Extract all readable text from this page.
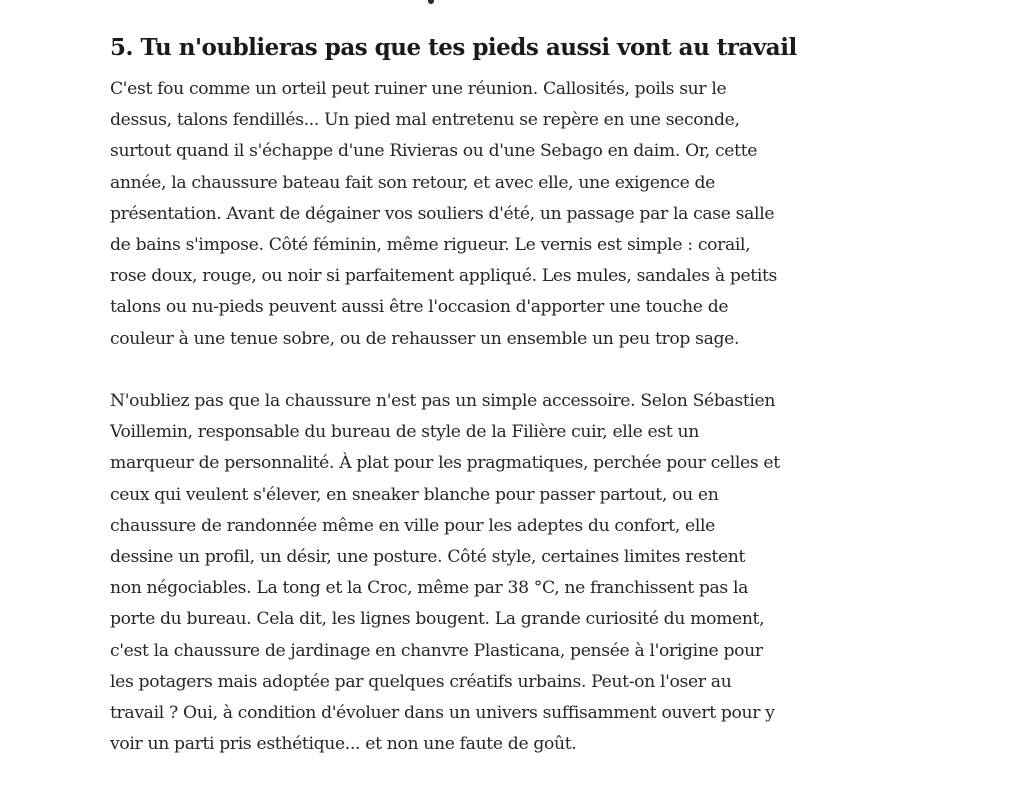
5. Tu n'oublieras pas que tes pieds aussi vont au travail

C'est fou comme un orteil peut ruiner une réunion. Callosités, poils sur le
dessus, talons fendillés... Un pied mal entretenu se repère en une seconde,
surtout quand il s'échappe d'une Rivieras ou d'une Sebago en daim. Or, cette
année, la chaussure bateau fait son retour, et avec elle, une exigence de
présentation. Avant de dégainer vos souliers d'été, un passage par la case salle
de bains s'impose. Côté féminin, même rigueur. Le vernis est simple : corail,
rose doux, rouge, ou noir si parfaitement appliqué. Les mules, sandales à petits
talons ou nu-pieds peuvent aussi être l'occasion d'apporter une touche de
couleur à une tenue sobre, ou de rehausser un ensemble un peu trop sage.

N'oubliez pas que la chaussure n'est pas un simple accessoire. Selon Sébastien
Voillemin, responsable du bureau de style de la Filière cuir, elle est un
marqueur de personnalité. À plat pour les pragmatiques, perchée pour celles et
ceux qui veulent s'élever, en sneaker blanche pour passer partout, ou en
chaussure de randonnée même en ville pour les adeptes du confort, elle
dessine un profil, un désir, une posture. Côté style, certaines limites restent
non négociables. La tong et la Croc, même par 38 °C, ne franchissent pas la
porte du bureau. Cela dit, les lignes bougent. La grande curiosité du moment,
c'est la chaussure de jardinage en chanvre Plasticana, pensée à l'origine pour
les potagers mais adoptée par quelques créatifs urbains. Peut-on l'oser au
travail ? Oui, à condition d'évoluer dans un univers suffisamment ouvert pour y
voir un parti pris esthétique... et non une faute de goût.
